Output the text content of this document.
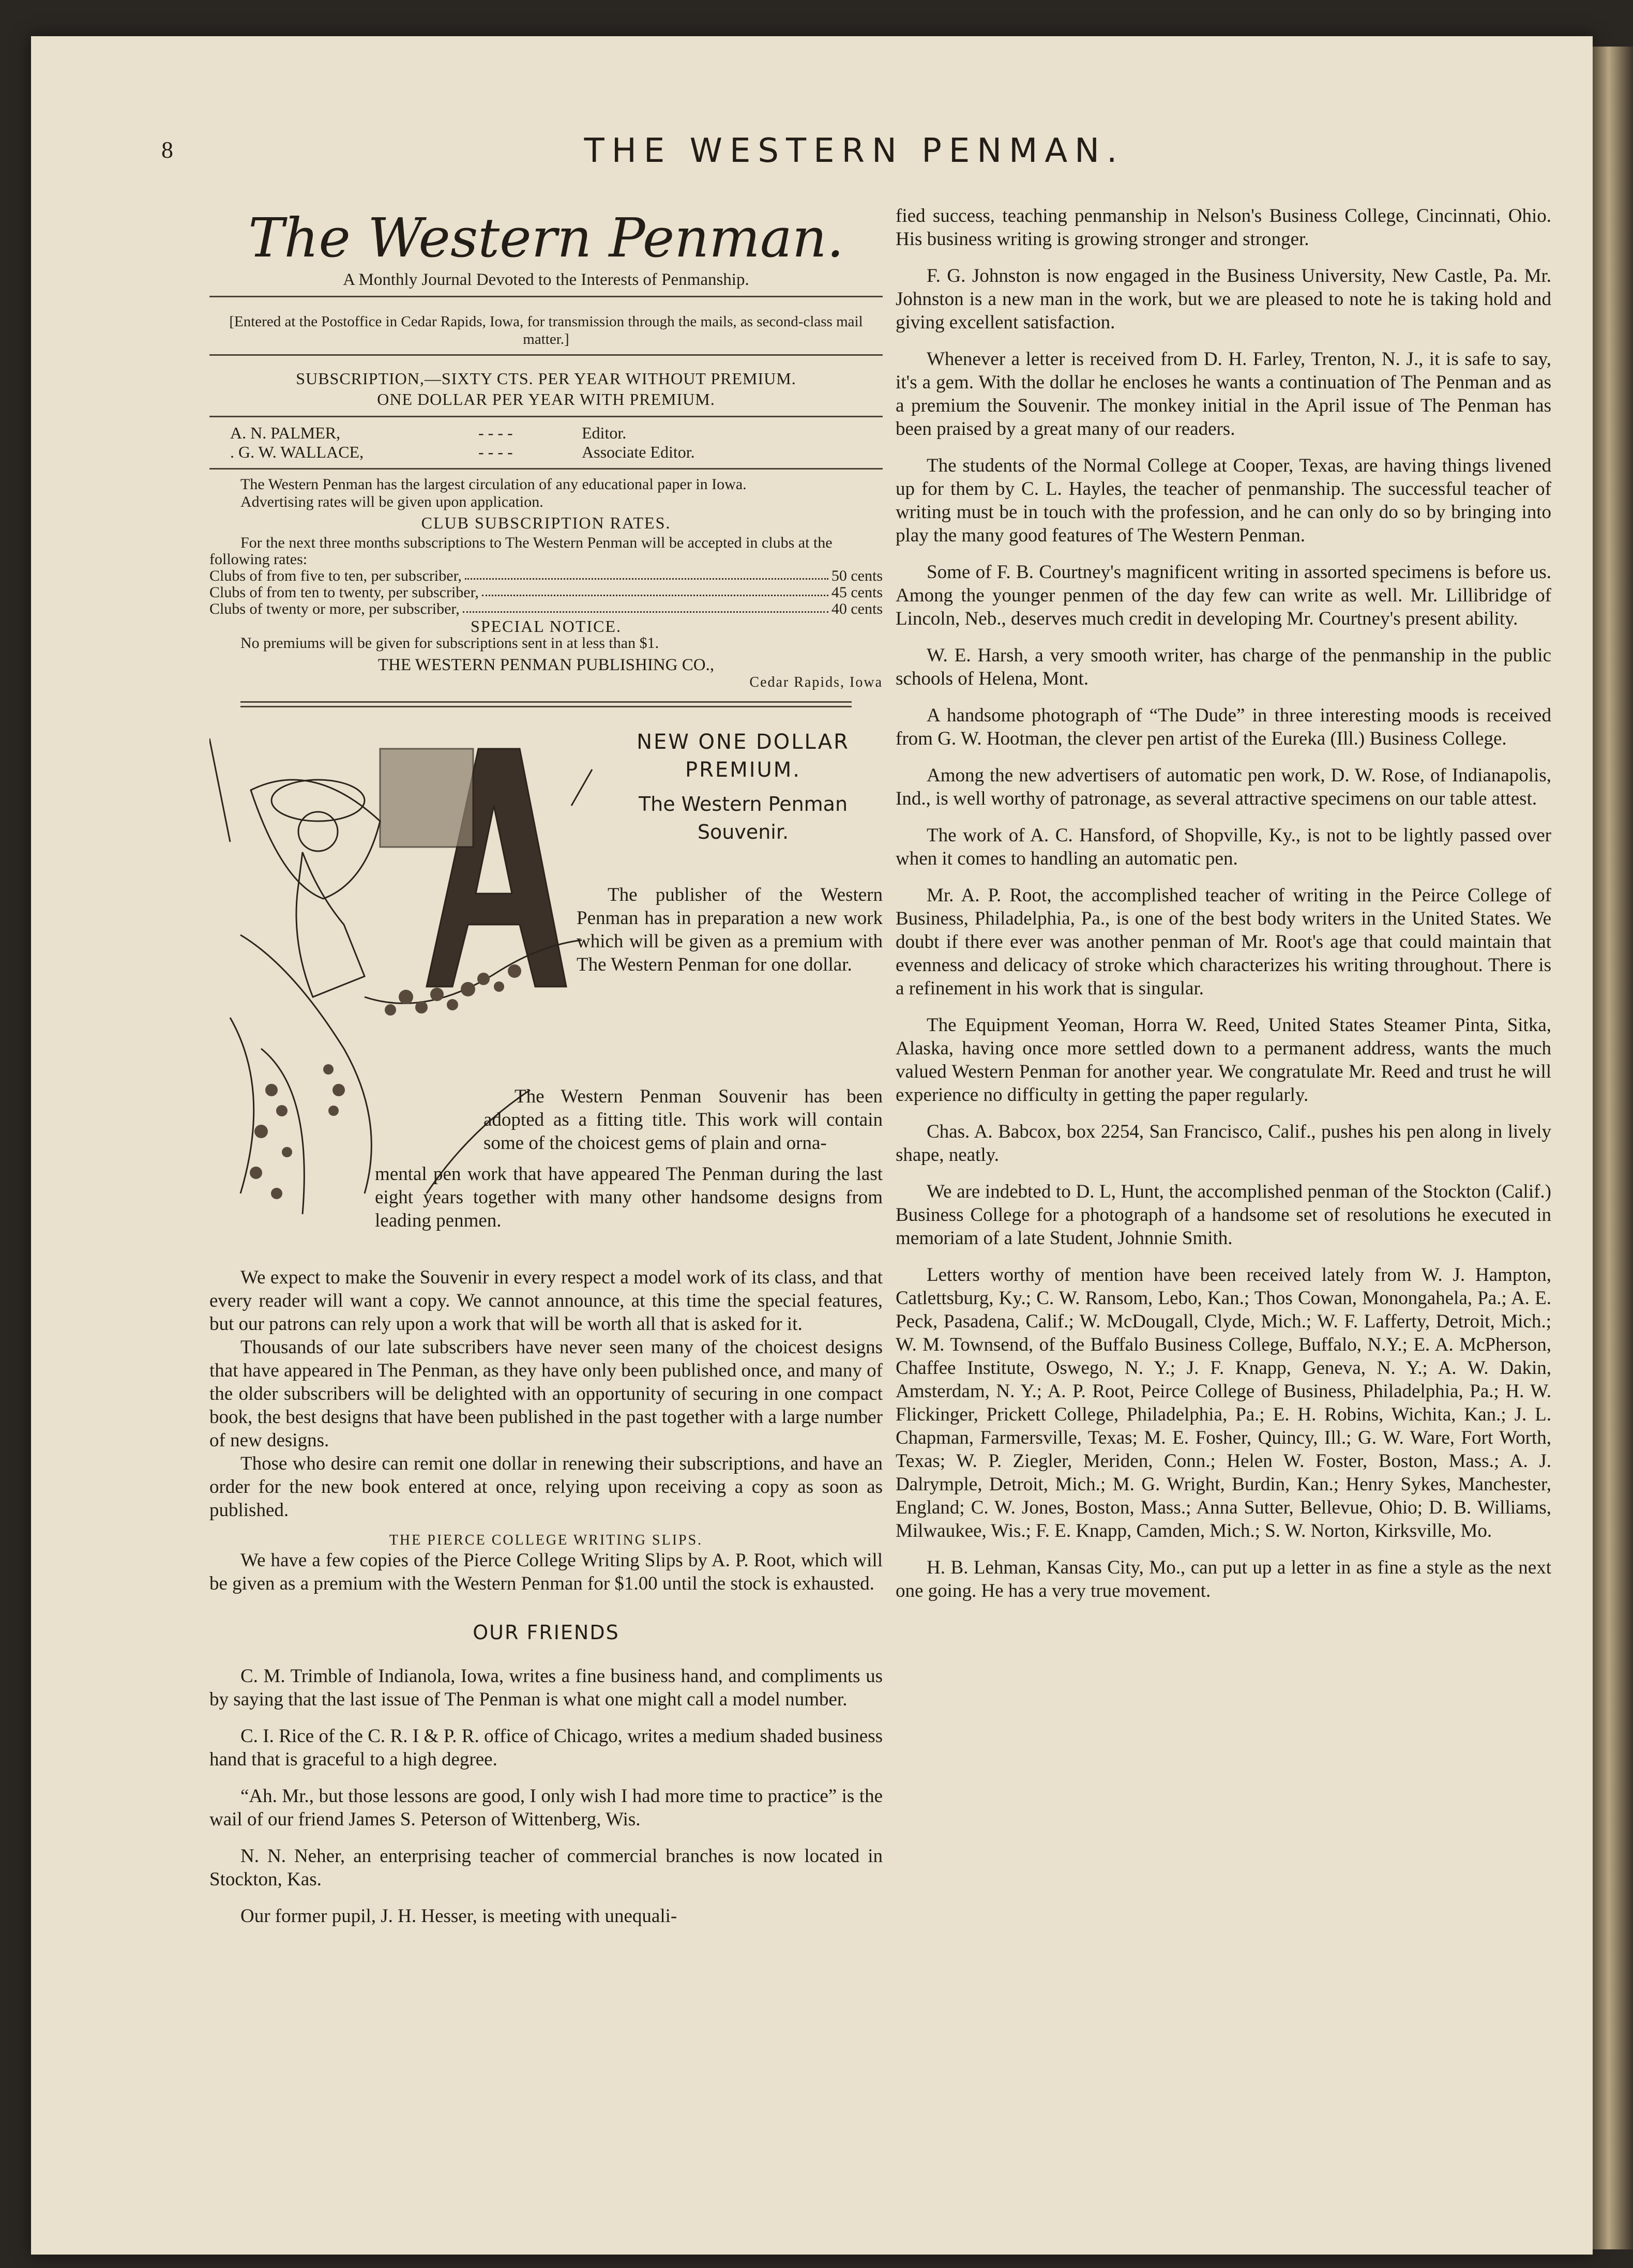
8	THE WESTERN PENMAN.
The Western Penman.
A Monthly Journal Devoted to the Interests of Penmanship.
[Entered at the Postoffice in Cedar Rapids, Iowa, for transmission through the mails, as second-class mail matter.]
SUBSCRIPTION,—SIXTY CTS. PER YEAR WITHOUT PREMIUM.
ONE DOLLAR PER YEAR WITH PREMIUM.
A. N. PALMER,	- - - -	Editor.
. G. W. WALLACE,	- - - -	Associate Editor.
The Western Penman has the largest circulation of any educational paper in Iowa.
Advertising rates will be given upon application.
CLUB SUBSCRIPTION RATES.
For the next three months subscriptions to The Western Penman will be accepted in clubs at the following rates:
Clubs of from five to ten, per subscriber,	50 cents
Clubs of from ten to twenty, per subscriber,	45 cents
Clubs of twenty or more, per subscriber,	40 cents
SPECIAL NOTICE.
No premiums will be given for subscriptions sent in at less than $1.
THE WESTERN PENMAN PUBLISHING CO.,
Cedar Rapids, Iowa
NEW ONE DOLLAR
PREMIUM.
The Western Penman
Souvenir.
The publisher of the Western Penman has in preparation a new work which will be given as a premium with The Western Penman for one dollar.
The Western Penman Souvenir has been adopted as a fitting title. This work will contain some of the choicest gems of plain and orna-
mental pen work that have appeared The Penman during the last eight years together with many other handsome designs from leading penmen.
We expect to make the Souvenir in every respect a model work of its class, and that every reader will want a copy. We cannot announce, at this time the special features, but our patrons can rely upon a work that will be worth all that is asked for it.
Thousands of our late subscribers have never seen many of the choicest designs that have appeared in The Penman, as they have only been published once, and many of the older subscribers will be delighted with an opportunity of securing in one compact book, the best designs that have been published in the past together with a large number of new designs.
Those who desire can remit one dollar in renewing their subscriptions, and have an order for the new book entered at once, relying upon receiving a copy as soon as published.
THE PIERCE COLLEGE WRITING SLIPS.
We have a few copies of the Pierce College Writing Slips by A. P. Root, which will be given as a premium with the Western Penman for $1.00 until the stock is exhausted.
OUR FRIENDS
C. M. Trimble of Indianola, Iowa, writes a fine business hand, and compliments us by saying that the last issue of The Penman is what one might call a model number.
C. I. Rice of the C. R. I & P. R. office of Chicago, writes a medium shaded business hand that is graceful to a high degree.
“Ah. Mr., but those lessons are good, I only wish I had more time to practice” is the wail of our friend James S. Peterson of Wittenberg, Wis.
N. N. Neher, an enterprising teacher of commercial branches is now located in Stockton, Kas.
Our former pupil, J. H. Hesser, is meeting with unequali-
fied success, teaching penmanship in Nelson's Business College, Cincinnati, Ohio. His business writing is growing stronger and stronger.
F. G. Johnston is now engaged in the Business University, New Castle, Pa. Mr. Johnston is a new man in the work, but we are pleased to note he is taking hold and giving excellent satisfaction.
Whenever a letter is received from D. H. Farley, Trenton, N. J., it is safe to say, it's a gem. With the dollar he encloses he wants a continuation of The Penman and as a premium the Souvenir. The monkey initial in the April issue of The Penman has been praised by a great many of our readers.
The students of the Normal College at Cooper, Texas, are having things livened up for them by C. L. Hayles, the teacher of penmanship. The successful teacher of writing must be in touch with the profession, and he can only do so by bringing into play the many good features of The Western Penman.
Some of F. B. Courtney's magnificent writing in assorted specimens is before us. Among the younger penmen of the day few can write as well. Mr. Lillibridge of Lincoln, Neb., deserves much credit in developing Mr. Courtney's present ability.
W. E. Harsh, a very smooth writer, has charge of the penmanship in the public schools of Helena, Mont.
A handsome photograph of “The Dude” in three interesting moods is received from G. W. Hootman, the clever pen artist of the Eureka (Ill.) Business College.
Among the new advertisers of automatic pen work, D. W. Rose, of Indianapolis, Ind., is well worthy of patronage, as several attractive specimens on our table attest.
The work of A. C. Hansford, of Shopville, Ky., is not to be lightly passed over when it comes to handling an automatic pen.
Mr. A. P. Root, the accomplished teacher of writing in the Peirce College of Business, Philadelphia, Pa., is one of the best body writers in the United States. We doubt if there ever was another penman of Mr. Root's age that could maintain that evenness and delicacy of stroke which characterizes his writing throughout. There is a refinement in his work that is singular.
The Equipment Yeoman, Horra W. Reed, United States Steamer Pinta, Sitka, Alaska, having once more settled down to a permanent address, wants the much valued Western Penman for another year. We congratulate Mr. Reed and trust he will experience no difficulty in getting the paper regularly.
Chas. A. Babcox, box 2254, San Francisco, Calif., pushes his pen along in lively shape, neatly.
We are indebted to D. L, Hunt, the accomplished penman of the Stockton (Calif.) Business College for a photograph of a handsome set of resolutions he executed in memoriam of a late Student, Johnnie Smith.
Letters worthy of mention have been received lately from W. J. Hampton, Catlettsburg, Ky.; C. W. Ransom, Lebo, Kan.; Thos Cowan, Monongahela, Pa.; A. E. Peck, Pasadena, Calif.; W. McDougall, Clyde, Mich.; W. F. Lafferty, Detroit, Mich.; W. M. Townsend, of the Buffalo Business College, Buffalo, N.Y.; E. A. McPherson, Chaffee Institute, Oswego, N. Y.; J. F. Knapp, Geneva, N. Y.; A. W. Dakin, Amsterdam, N. Y.; A. P. Root, Peirce College of Business, Philadelphia, Pa.; H. W. Flickinger, Prickett College, Philadelphia, Pa.; E. H. Robins, Wichita, Kan.; J. L. Chapman, Farmersville, Texas; M. E. Fosher, Quincy, Ill.; G. W. Ware, Fort Worth, Texas; W. P. Ziegler, Meriden, Conn.; Helen W. Foster, Boston, Mass.; A. J. Dalrymple, Detroit, Mich.; M. G. Wright, Burdin, Kan.; Henry Sykes, Manchester, England; C. W. Jones, Boston, Mass.; Anna Sutter, Bellevue, Ohio; D. B. Williams, Milwaukee, Wis.; F. E. Knapp, Camden, Mich.; S. W. Norton, Kirksville, Mo.
H. B. Lehman, Kansas City, Mo., can put up a letter in as fine a style as the next one going. He has a very true movement.
